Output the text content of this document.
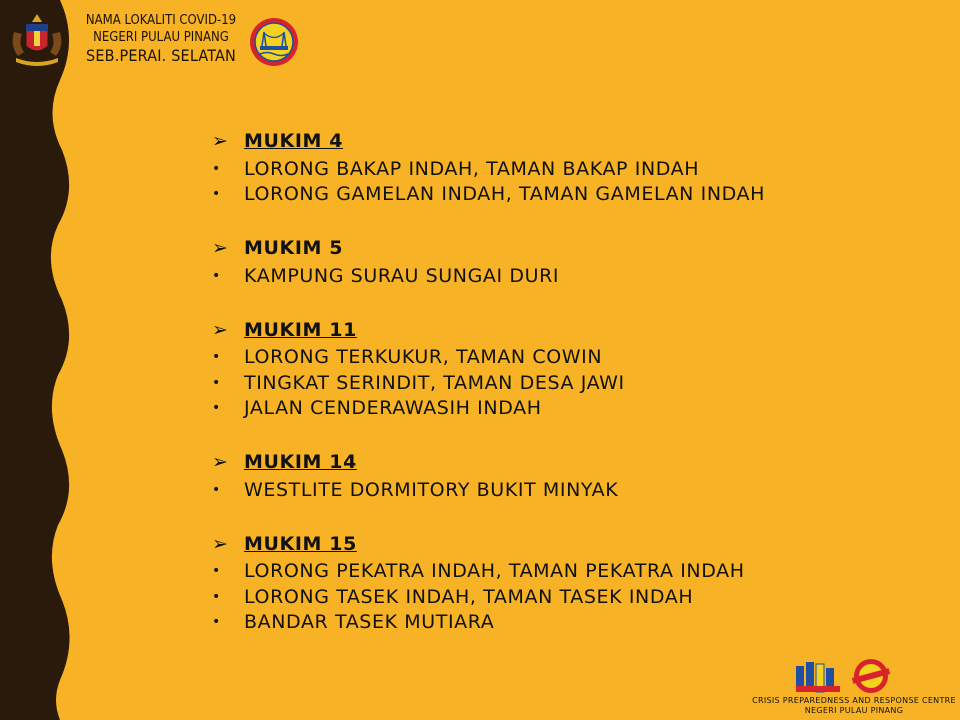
NAMA LOKALITI COVID-19
NEGERI PULAU PINANG
SEB.PERAI. SELATAN
➢ MUKIM 4
•	LORONG BAKAP INDAH, TAMAN BAKAP INDAH
•	LORONG GAMELAN INDAH, TAMAN GAMELAN INDAH
➢ MUKIM 5
•	KAMPUNG SURAU SUNGAI DURI
➢ MUKIM 11
•	LORONG TERKUKUR, TAMAN COWIN
•	TINGKAT SERINDIT, TAMAN DESA JAWI
•	JALAN CENDERAWASIH INDAH
➢ MUKIM 14
•	WESTLITE DORMITORY BUKIT MINYAK
➢ MUKIM 15
•	LORONG PEKATRA INDAH, TAMAN PEKATRA INDAH
•	LORONG TASEK INDAH, TAMAN TASEK INDAH
•	BANDAR TASEK MUTIARA
CRISIS PREPAREDNESS AND RESPONSE CENTRE
NEGERI PULAU PINANG
